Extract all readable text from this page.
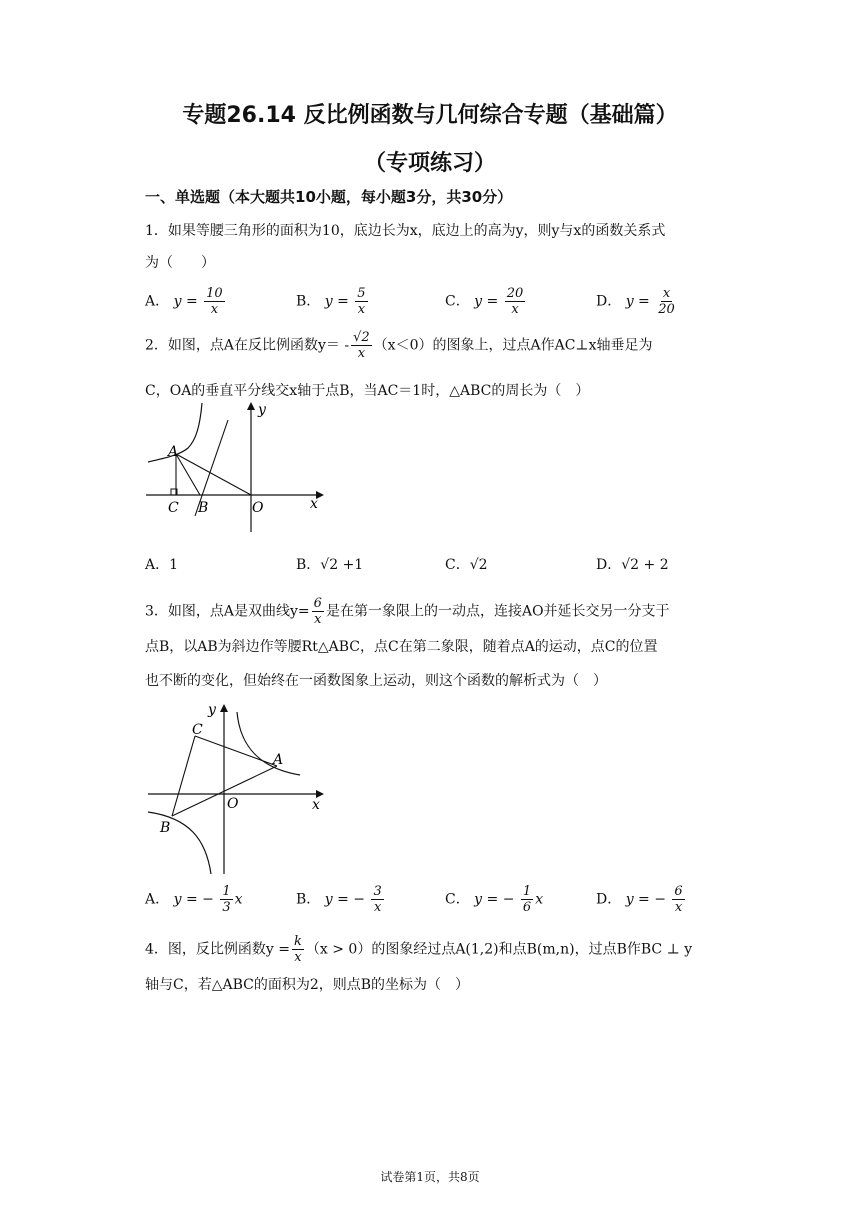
专题26.14 反比例函数与几何综合专题（基础篇）
（专项练习）
一、单选题（本大题共10小题，每小题3分，共30分）
1．如果等腰三角形的面积为10，底边长为x，底边上的高为y，则y与x的函数关系式
为（　　）
A． $y = \frac{10}{x}$	B． $y = \frac{5}{x}$	C． $y = \frac{20}{x}$	D． $y = \frac{x}{20}$
2．如图，点A在反比例函数$y= - \frac{√2}{x} (x<0)$的图象上，过点A作AC⊥x轴垂足为
C，OA的垂直平分线交x轴于点B，当AC＝1时，△ABC的周长为（　）
A
C B	O	x
y
A．1	B．√2 +1	C．√2	D．√2 + 2
3．如图，点A是双曲线$y= \frac{6}{x}$ 是在第一象限上的一动点，连接AO并延长交另一分支于
点B，以AB为斜边作等腰Rt△ABC，点C在第二象限，随着点A的运动，点C的位置
也不断的变化，但始终在一函数图象上运动，则这个函数的解析式为（　）
C
A
B
O	x
y
A． y = − $\frac{1}{3}$ x	B． y = − $\frac{3}{x}$	C． y = − $\frac{1}{6}$ x	D． y = − $\frac{6}{x}$
4．图，反比例函数$y = \frac{k}{x} (x > 0)$的图象经过点A(1,2)和点B(m,n)，过点B作BC ⊥ y
轴与C，若△ABC的面积为2，则点B的坐标为（　）
试卷第1页，共8页
